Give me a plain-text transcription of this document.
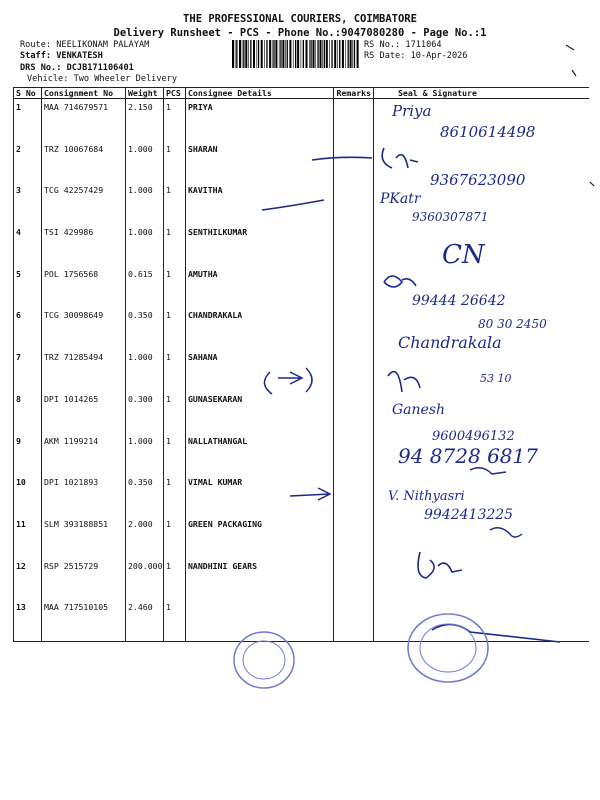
THE PROFESSIONAL COURIERS, COIMBATORE
Delivery Runsheet - PCS - Phone No.:9047080280 - Page No.:1
Route: NEELIKONAM PALAYAM
Staff: VENKATESH
DRS No.: DCJB171106401
Vehicle: Two Wheeler Delivery
RS No.: 1711064
RS Date: 10-Apr-2026
S No	Consignment No	Weight	PCS	Consignee Details	Remarks	Seal & Signature
1	MAA 714679571	2.150	1	PRIYA		
2	TRZ 10067684	1.000	1	SHARAN		
3	TCG 42257429	1.000	1	KAVITHA		
4	TSI 429986	1.000	1	SENTHILKUMAR		
5	POL 1756568	0.615	1	AMUTHA		
6	TCG 30098649	0.350	1	CHANDRAKALA		
7	TRZ 71285494	1.000	1	SAHANA		
8	DPI 1014265	0.300	1	GUNASEKARAN		
9	AKM 1199214	1.000	1	NALLATHANGAL		
10	DPI 1021893	0.350	1	VIMAL KUMAR		
11	SLM 393188851	2.000	1	GREEN PACKAGING		
12	RSP 2515729	200.000	1	NANDHINI GEARS		
13	MAA 717510105	2.460	1			
Priya
8610614498
9367623090
PKatr
9360307871
CN
99444 26642
80 30 2450
Chandrakala
53 10
Ganesh
9600496132
94 8728 6817
V. Nithyasri
9942413225
